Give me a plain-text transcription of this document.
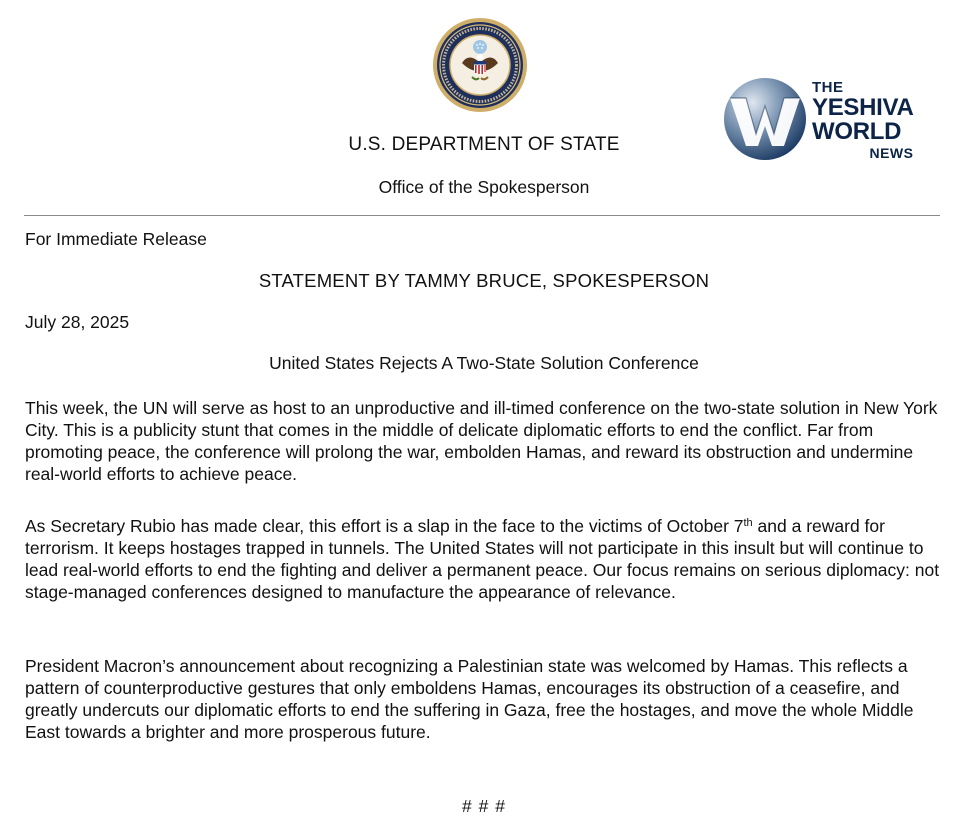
THE
YESHIVA
WORLD
NEWS
U.S. DEPARTMENT OF STATE
Office of the Spokesperson
For Immediate Release
STATEMENT BY TAMMY BRUCE, SPOKESPERSON
July 28, 2025
United States Rejects A Two-State Solution Conference

This week, the UN will serve as host to an unproductive and ill-timed conference on the two-state solution in New York City. This is a publicity stunt that comes in the middle of delicate diplomatic efforts to end the conflict. Far from promoting peace, the conference will prolong the war, embolden Hamas, and reward its obstruction and undermine real-world efforts to achieve peace.

As Secretary Rubio has made clear, this effort is a slap in the face to the victims of October 7th and a reward for terrorism. It keeps hostages trapped in tunnels. The United States will not participate in this insult but will continue to lead real-world efforts to end the fighting and deliver a permanent peace. Our focus remains on serious diplomacy: not stage-managed conferences designed to manufacture the appearance of relevance.

President Macron’s announcement about recognizing a Palestinian state was welcomed by Hamas. This reflects a pattern of counterproductive gestures that only emboldens Hamas, encourages its obstruction of a ceasefire, and greatly undercuts our diplomatic efforts to end the suffering in Gaza, free the hostages, and move the whole Middle East towards a brighter and more prosperous future.

# # #
